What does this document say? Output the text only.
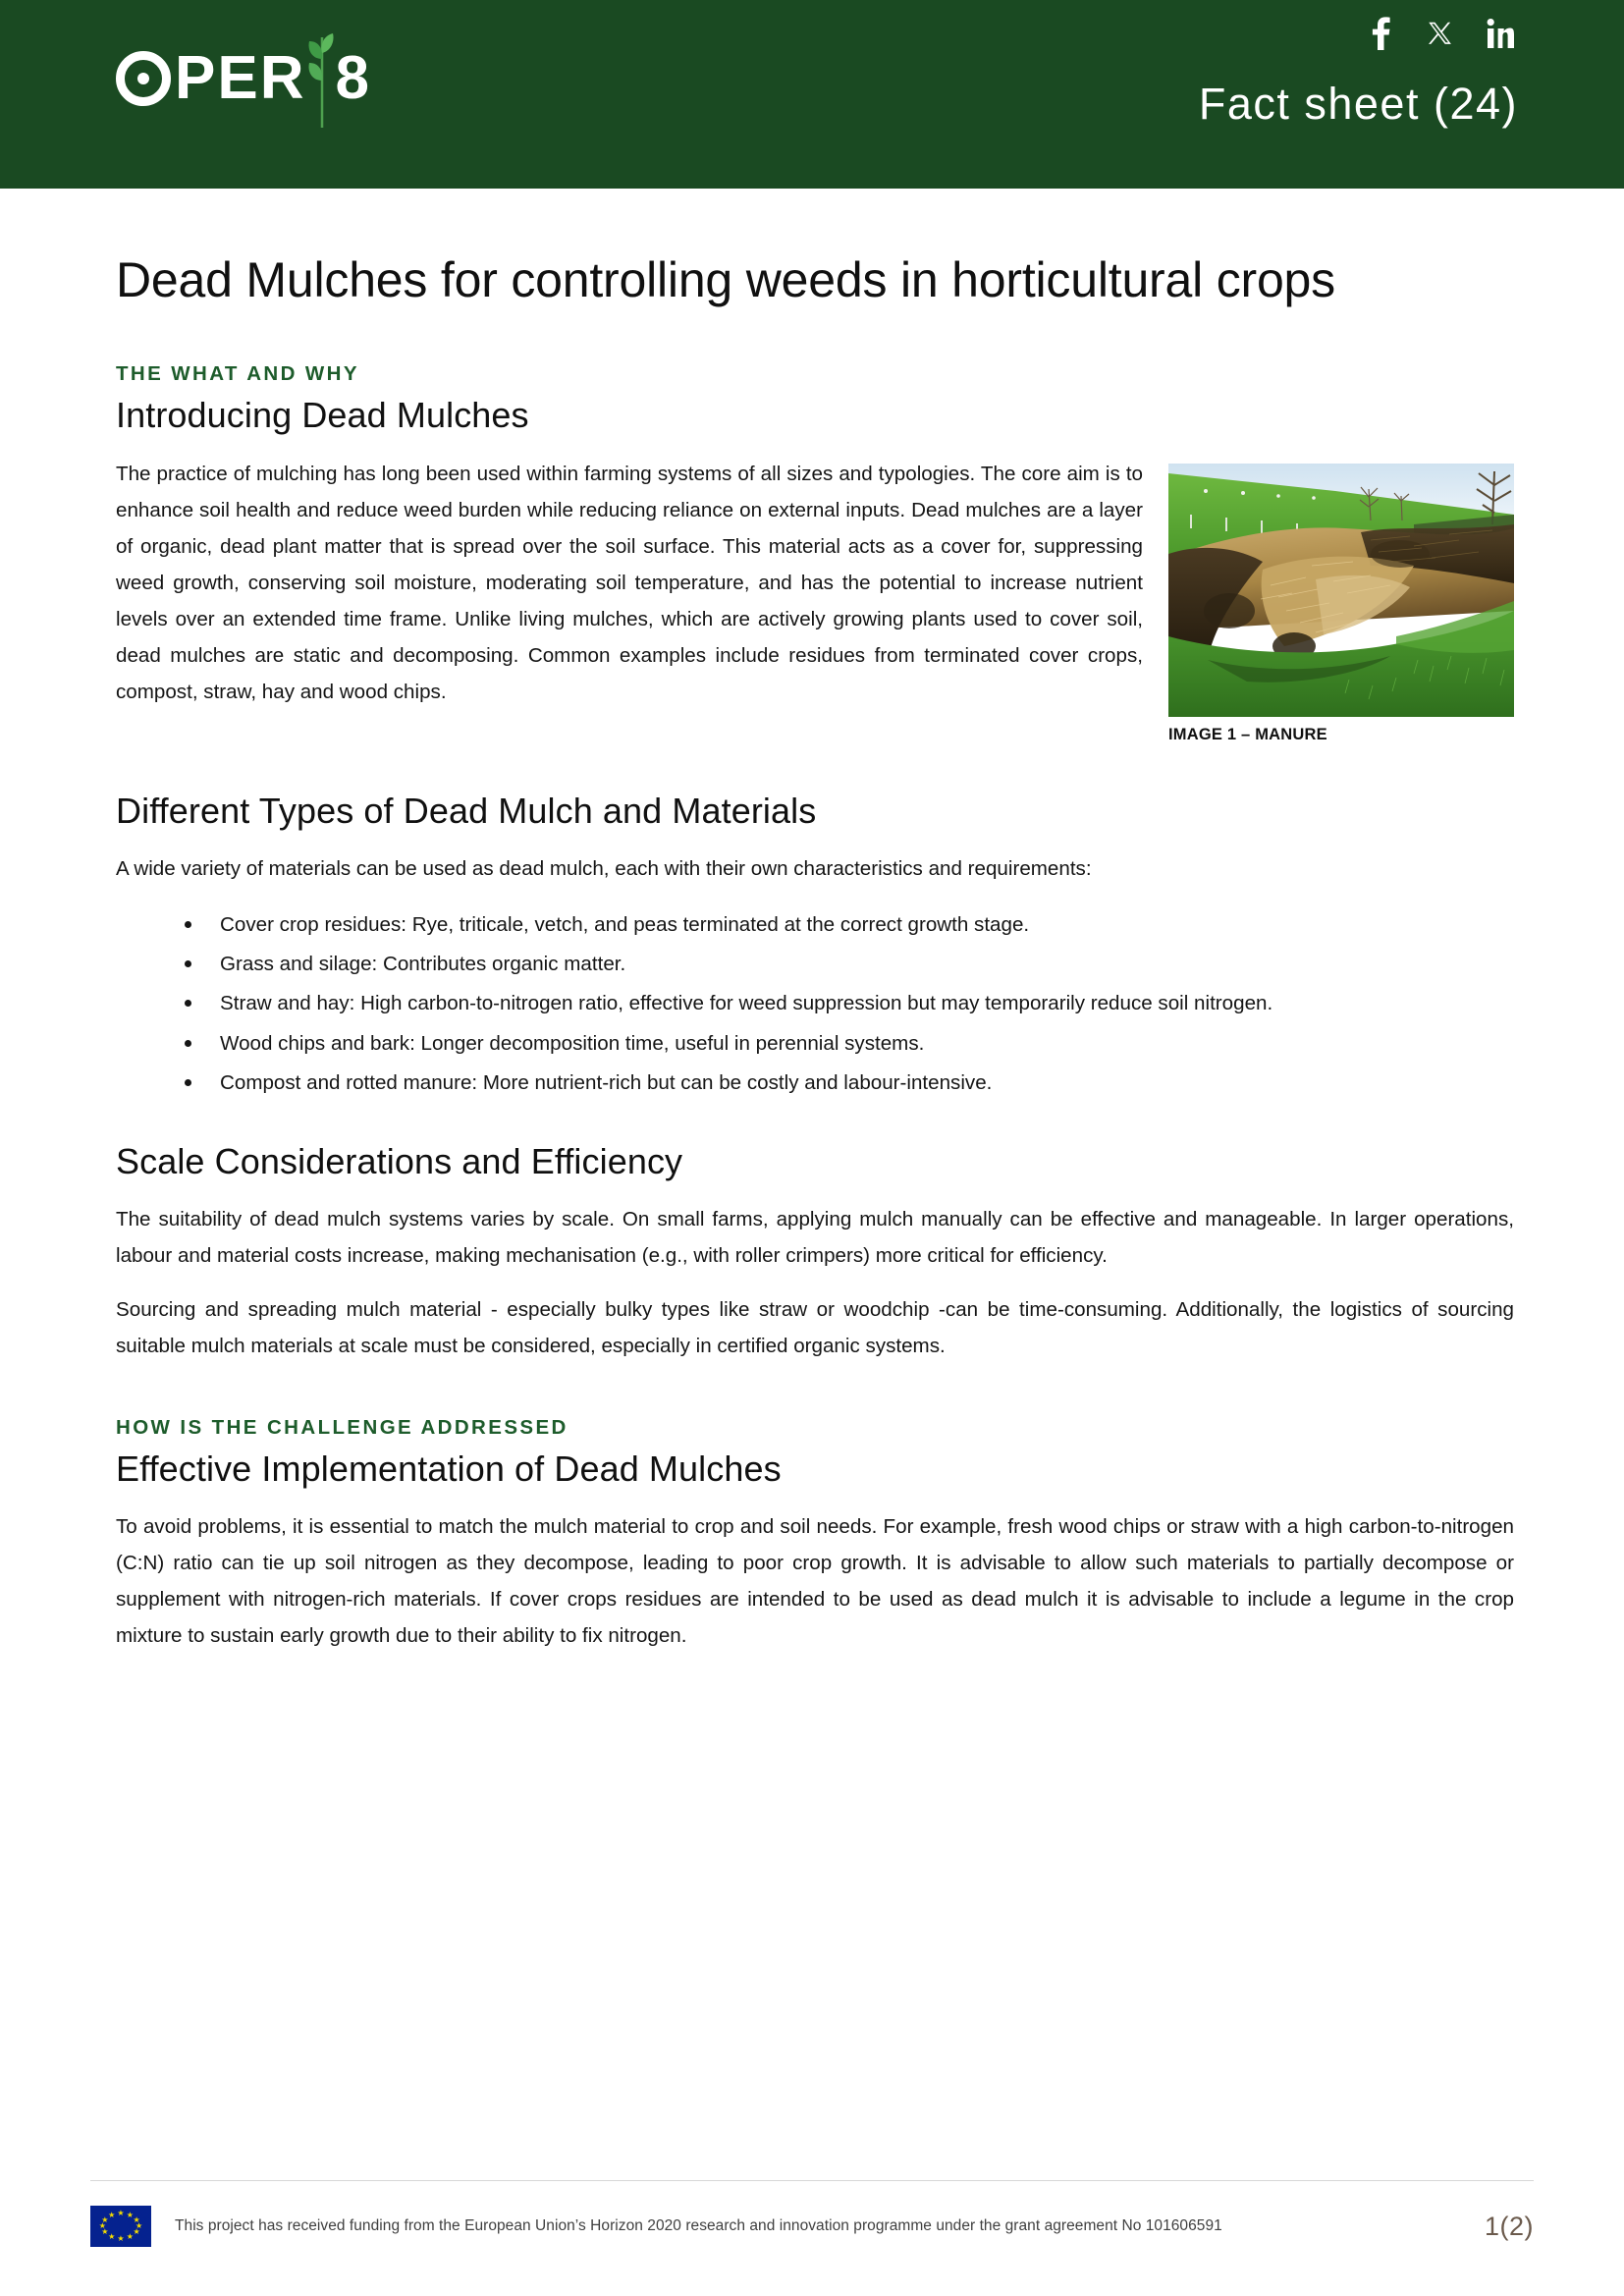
PER 8	Fact sheet (24)
Dead Mulches for controlling weeds in horticultural crops
THE WHAT AND WHY
Introducing Dead Mulches
IMAGE 1 – MANURE

The practice of mulching has long been used within farming systems of all sizes and typologies. The core aim is to enhance soil health and reduce weed burden while reducing reliance on external inputs. Dead mulches are a layer of organic, dead plant matter that is spread over the soil surface. This material acts as a cover for, suppressing weed growth, conserving soil moisture, moderating soil temperature, and has the potential to increase nutrient levels over an extended time frame. Unlike living mulches, which are actively growing plants used to cover soil, dead mulches are static and decomposing. Common examples include residues from terminated cover crops, compost, straw, hay and wood chips.

Different Types of Dead Mulch and Materials

A wide variety of materials can be used as dead mulch, each with their own characteristics and requirements:

Cover crop residues: Rye, triticale, vetch, and peas terminated at the correct growth stage.
Grass and silage: Contributes organic matter.
Straw and hay: High carbon-to-nitrogen ratio, effective for weed suppression but may temporarily reduce soil nitrogen.
Wood chips and bark: Longer decomposition time, useful in perennial systems.
Compost and rotted manure: More nutrient-rich but can be costly and labour-intensive.
Scale Considerations and Efficiency

The suitability of dead mulch systems varies by scale. On small farms, applying mulch manually can be effective and manageable. In larger operations, labour and material costs increase, making mechanisation (e.g., with roller crimpers) more critical for efficiency.

Sourcing and spreading mulch material - especially bulky types like straw or woodchip -can be time-consuming. Additionally, the logistics of sourcing suitable mulch materials at scale must be considered, especially in certified organic systems.

HOW IS THE CHALLENGE ADDRESSED
Effective Implementation of Dead Mulches

To avoid problems, it is essential to match the mulch material to crop and soil needs. For example, fresh wood chips or straw with a high carbon-to-nitrogen (C:N) ratio can tie up soil nitrogen as they decompose, leading to poor crop growth. It is advisable to allow such materials to partially decompose or supplement with nitrogen-rich materials. If cover crops residues are intended to be used as dead mulch it is advisable to include a legume in the crop mixture to sustain early growth due to their ability to fix nitrogen.

★ ★
★
★
★
★
★
★
★
★
★
★
This project has received funding from the European Union’s Horizon 2020 research and innovation programme under the grant agreement No 101606591	1(2)
